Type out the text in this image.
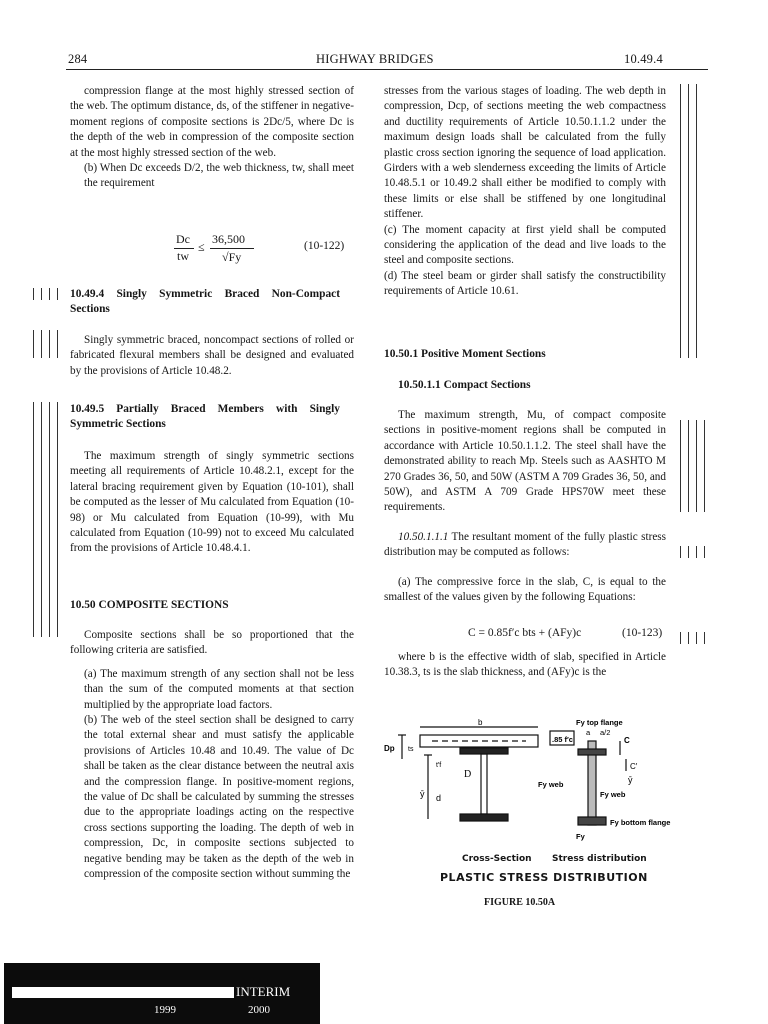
284	HIGHWAY BRIDGES	10.49.4

compression flange at the most highly stressed section of the web. The optimum distance, ds, of the stiffener in negative-moment regions of composite sections is 2Dc/5, where Dc is the depth of the web in compression of the composite section at the most highly stressed section of the web.

(b) When Dc exceeds D/2, the web thickness, tw, shall meet the requirement

Dc
tw
≤
36,500
√Fy
(10-122)
10.49.4 Singly Symmetric Braced Non-Compact Sections

Singly symmetric braced, noncompact sections of rolled or fabricated flexural members shall be designed and evaluated by the provisions of Article 10.48.2.

10.49.5 Partially Braced Members with Singly Symmetric Sections

The maximum strength of singly symmetric sections meeting all requirements of Article 10.48.2.1, except for the lateral bracing requirement given by Equation (10-101), shall be computed as the lesser of Mu calculated from Equation (10-98) or Mu calculated from Equation (10-99), with Mu calculated from Equation (10-99) not to exceed Mu calculated from the provisions of Article 10.48.4.1.

10.50 COMPOSITE SECTIONS

Composite sections shall be so proportioned that the following criteria are satisfied.

(a) The maximum strength of any section shall not be less than the sum of the computed moments at that section multiplied by the appropriate load factors.

(b) The web of the steel section shall be designed to carry the total external shear and must satisfy the applicable provisions of Articles 10.48 and 10.49. The value of Dc shall be taken as the clear distance between the neutral axis and the compression flange. In positive-moment regions, the value of Dc shall be calculated by summing the stresses due to the appropriate loadings acting on the respective cross sections supporting the loading. The depth of web in compression, Dc, in composite sections subjected to negative bending may be taken as the depth of the web in compression of the composite section without summing the

stresses from the various stages of loading. The web depth in compression, Dcp, of sections meeting the web compactness and ductility requirements of Article 10.50.1.1.2 under the maximum design loads shall be calculated from the fully plastic cross section ignoring the sequence of load application. Girders with a web slenderness exceeding the limits of Article 10.48.5.1 or 10.49.2 shall either be modified to comply with these limits or else shall be stiffened by one longitudinal stiffener.

(c) The moment capacity at first yield shall be computed considering the application of the dead and live loads to the steel and composite sections.

(d) The steel beam or girder shall satisfy the constructibility requirements of Article 10.61.

10.50.1 Positive Moment Sections
10.50.1.1 Compact Sections

The maximum strength, Mu, of compact composite sections in positive-moment regions shall be computed in accordance with Article 10.50.1.1.2. The steel shall have the demonstrated ability to reach Mp. Steels such as AASHTO M 270 Grades 36, 50, and 50W (ASTM A 709 Grades 36, 50, and 50W), and ASTM A 709 Grade HPS70W meet these requirements.

10.50.1.1.1 The resultant moment of the fully plastic stress distribution may be computed as follows:

(a) The compressive force in the slab, C, is equal to the smallest of the values given by the following Equations:

C = 0.85f′c bts + (AFy)c	(10-123)

where b is the effective width of slab, specified in Article 10.38.3, ts is the slab thickness, and (AFy)c is the

b	Fy top flange
.85 f′c
a a/2
C
C′
Dp ts
t′f
D
ȳ d
Fy web
Fy web
ȳ
Fy bottom flange
Fy
Cross-Section Stress distribution
PLASTIC STRESS DISTRIBUTION
FIGURE 10.50A
INTERIM
1999	2000
